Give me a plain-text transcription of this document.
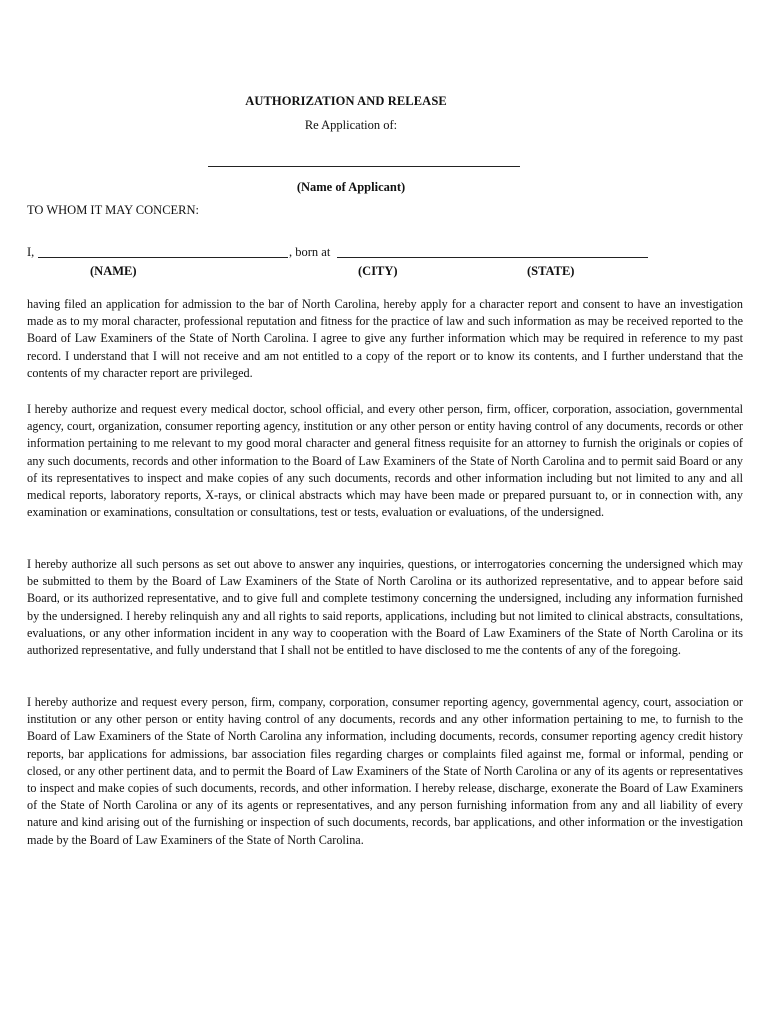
AUTHORIZATION AND RELEASE
Re Application of:
(Name of Applicant)
TO WHOM IT MAY CONCERN:
I,	, born at
(NAME)	(CITY)	(STATE)

having filed an application for admission to the bar of North Carolina, hereby apply for a character report and consent to have an investigation made as to my moral character, professional reputation and fitness for the practice of law and such information as may be received reported to the Board of Law Examiners of the State of North Carolina. I agree to give any further information which may be required in reference to my past record. I understand that I will not receive and am not entitled to a copy of the report or to know its contents, and I further understand that the contents of my character report are privileged.

I hereby authorize and request every medical doctor, school official, and every other person, firm, officer, corporation, association, governmental agency, court, organization, consumer reporting agency, institution or any other person or entity having control of any documents, records or other information pertaining to me relevant to my good moral character and general fitness requisite for an attorney to furnish the originals or copies of any such documents, records and other information to the Board of Law Examiners of the State of North Carolina and to permit said Board or any of its representatives to inspect and make copies of any such documents, records and other information including but not limited to any and all medical reports, laboratory reports, X-rays, or clinical abstracts which may have been made or prepared pursuant to, or in connection with, any examination or examinations, consultation or consultations, test or tests, evaluation or evaluations, of the undersigned.

I hereby authorize all such persons as set out above to answer any inquiries, questions, or interrogatories concerning the undersigned which may be submitted to them by the Board of Law Examiners of the State of North Carolina or its authorized representative, and to appear before said Board, or its authorized representative, and to give full and complete testimony concerning the undersigned, including any information furnished by the undersigned. I hereby relinquish any and all rights to said reports, applications, including but not limited to clinical abstracts, consultations, evaluations, or any other information incident in any way to cooperation with the Board of Law Examiners of the State of North Carolina or its authorized representative, and fully understand that I shall not be entitled to have disclosed to me the contents of any of the foregoing.

I hereby authorize and request every person, firm, company, corporation, consumer reporting agency, governmental agency, court, association or institution or any other person or entity having control of any documents, records and any other information pertaining to me, to furnish to the Board of Law Examiners of the State of North Carolina any information, including documents, records, consumer reporting agency credit history reports, bar applications for admissions, bar association files regarding charges or complaints filed against me, formal or informal, pending or closed, or any other pertinent data, and to permit the Board of Law Examiners of the State of North Carolina or any of its agents or representatives to inspect and make copies of such documents, records, and other information. I hereby release, discharge, exonerate the Board of Law Examiners of the State of North Carolina or any of its agents or representatives, and any person furnishing information from any and all liability of every nature and kind arising out of the furnishing or inspection of such documents, records, bar applications, and other information or the investigation made by the Board of Law Examiners of the State of North Carolina.
